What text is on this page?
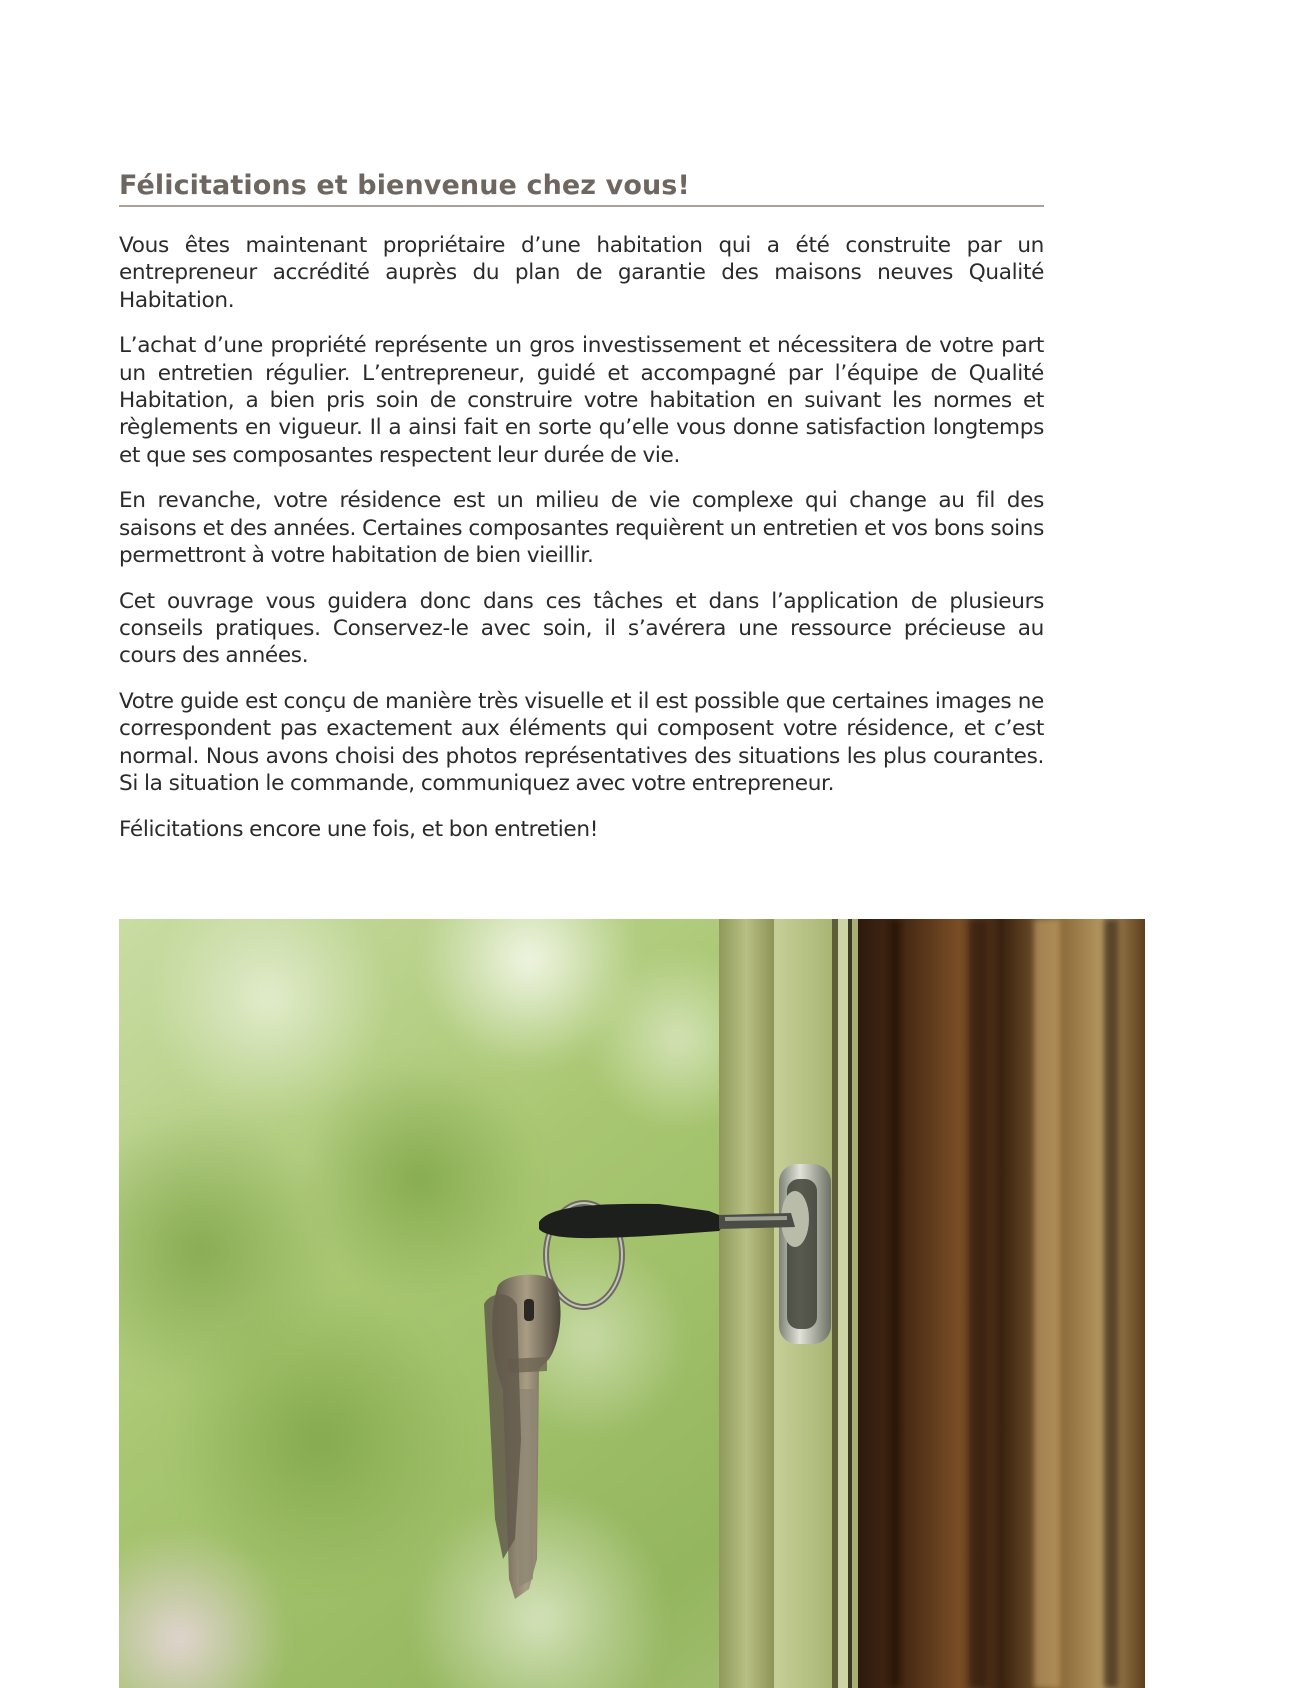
Félicitations et bienvenue chez vous!

Vous êtes maintenant propriétaire d’une habitation qui a été construite par un entrepreneur accrédité auprès du plan de garantie des maisons neuves Qualité Habitation.

L’achat d’une propriété représente un gros investissement et nécessitera de votre part un entretien régulier. L’entrepreneur, guidé et accompagné par l’équipe de Qualité Habitation, a bien pris soin de construire votre habitation en suivant les normes et règlements en vigueur. Il a ainsi fait en sorte qu’elle vous donne satisfaction longtemps et que ses composantes respectent leur durée de vie.

En revanche, votre résidence est un milieu de vie complexe qui change au fil des saisons et des années. Certaines composantes requièrent un entretien et vos bons soins permettront à votre habitation de bien vieillir.

Cet ouvrage vous guidera donc dans ces tâches et dans l’application de plusieurs conseils pratiques. Conservez-le avec soin, il s’avérera une ressource précieuse au cours des années.

Votre guide est conçu de manière très visuelle et il est possible que certaines images ne correspondent pas exactement aux éléments qui composent votre résidence, et c’est normal. Nous avons choisi des photos représentatives des situations les plus courantes. Si la situation le commande, communiquez avec votre entrepreneur.

Félicitations encore une fois, et bon entretien!
